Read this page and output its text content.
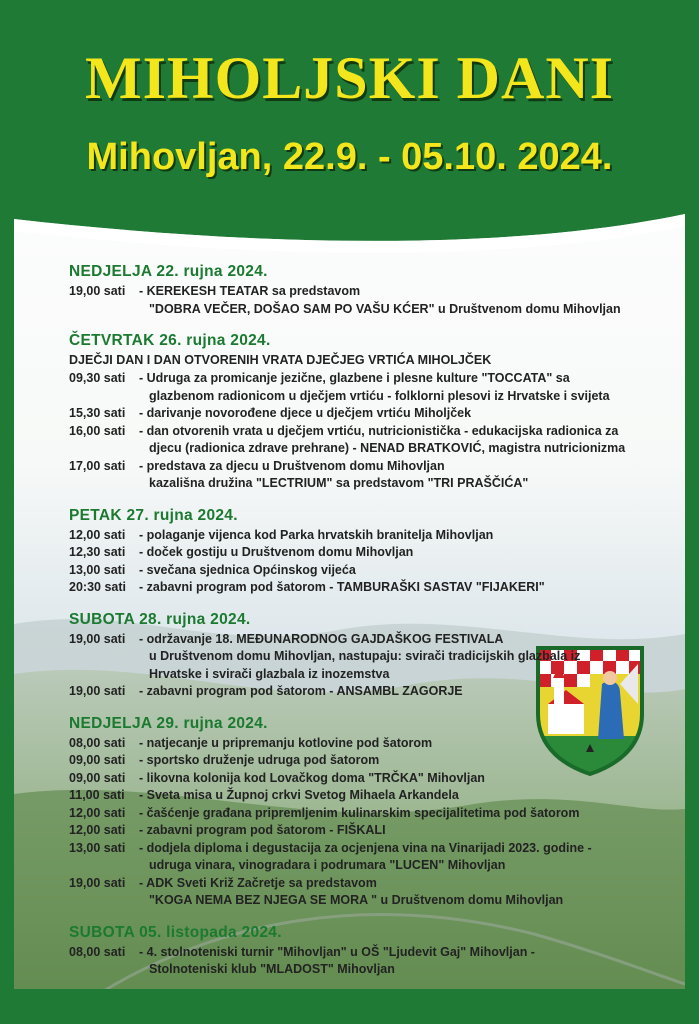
MIHOLJSKI DANI
Mihovljan, 22.9. - 05.10. 2024.
NEDJELJA 22. rujna 2024.
19,00 sati	- KEREKESH TEATAR sa predstavom
"DOBRA VEČER, DOŠAO SAM PO VAŠU KĆER" u Društvenom domu Mihovljan
ČETVRTAK 26. rujna 2024.
DJEČJI DAN I DAN OTVORENIH VRATA DJEČJEG VRTIĆA MIHOLJČEK
09,30 sati	- Udruga za promicanje jezične, glazbene i plesne kulture "TOCCATA" sa
glazbenom radionicom u dječjem vrtiću - folklorni plesovi iz Hrvatske i svijeta
15,30 sati	- darivanje novorođene djece u dječjem vrtiću Miholjček
16,00 sati	- dan otvorenih vrata u dječjem vrtiću, nutricionistička - edukacijska radionica za
djecu (radionica zdrave prehrane) - NENAD BRATKOVIĆ, magistra nutricionizma
17,00 sati	- predstava za djecu u Društvenom domu Mihovljan
kazališna družina "LECTRIUM" sa predstavom "TRI PRAŠČIĆA"
PETAK 27. rujna 2024.
12,00 sati	- polaganje vijenca kod Parka hrvatskih branitelja Mihovljan
12,30 sati	- doček gostiju u Društvenom domu Mihovljan
13,00 sati	- svečana sjednica Općinskog vijeća
20:30 sati	- zabavni program pod šatorom - TAMBURAŠKI SASTAV "FIJAKERI"
SUBOTA 28. rujna 2024.
19,00 sati	- održavanje 18. MEĐUNARODNOG GAJDAŠKOG FESTIVALA
u Društvenom domu Mihovljan, nastupaju: svirači tradicijskih glazbala iz
Hrvatske i svirači glazbala iz inozemstva
19,00 sati	- zabavni program pod šatorom - ANSAMBL ZAGORJE
NEDJELJA 29. rujna 2024.
08,00 sati	- natjecanje u pripremanju kotlovine pod šatorom
09,00 sati	- sportsko druženje udruga pod šatorom
09,00 sati	- likovna kolonija kod Lovačkog doma "TRČKA" Mihovljan
11,00 sati	- Sveta misa u Župnoj crkvi Svetog Mihaela Arkandela
12,00 sati	- čašćenje građana pripremljenim kulinarskim specijalitetima pod šatorom
12,00 sati	- zabavni program pod šatorom - FIŠKALI
13,00 sati	- dodjela diploma i degustacija za ocjenjena vina na Vinarijadi 2023. godine -
udruga vinara, vinogradara i podrumara "LUCEN" Mihovljan
19,00 sati	- ADK Sveti Križ Začretje sa predstavom
"KOGA NEMA BEZ NJEGA SE MORA " u Društvenom domu Mihovljan
SUBOTA 05. listopada 2024.
08,00 sati	- 4. stolnoteniski turnir "Mihovljan" u OŠ "Ljudevit Gaj" Mihovljan -
Stolnoteniski klub "MLADOST" Mihovljan
